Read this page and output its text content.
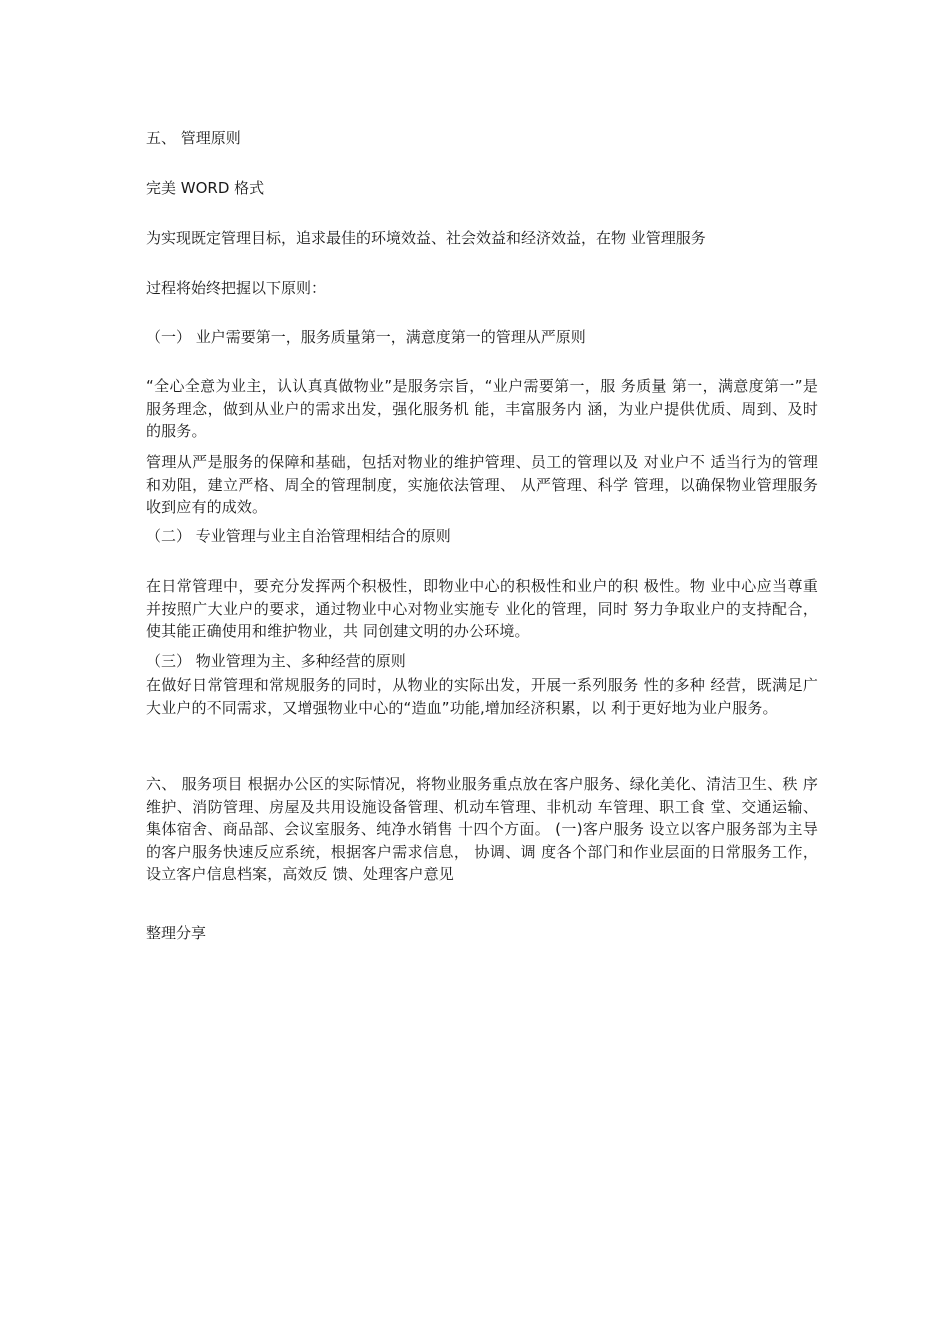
五、 管理原则

完美 WORD 格式

为实现既定管理目标，追求最佳的环境效益、社会效益和经济效益，在物 业管理服务

过程将始终把握以下原则：

（一） 业户需要第一，服务质量第一，满意度第一的管理从严原则

“全心全意为业主，认认真真做物业”是服务宗旨，“业户需要第一，服 务质量 第一，满意度第一”是服务理念，做到从业户的需求出发，强化服务机 能，丰富服务内 涵，为业户提供优质、周到、及时的服务。

管理从严是服务的保障和基础，包括对物业的维护管理、员工的管理以及 对业户不 适当行为的管理和劝阻，建立严格、周全的管理制度，实施依法管理、 从严管理、科学 管理，以确保物业管理服务收到应有的成效。

（二） 专业管理与业主自治管理相结合的原则

在日常管理中，要充分发挥两个积极性，即物业中心的积极性和业户的积 极性。物 业中心应当尊重并按照广大业户的要求，通过物业中心对物业实施专 业化的管理，同时 努力争取业户的支持配合，使其能正确使用和维护物业，共 同创建文明的办公环境。

（三） 物业管理为主、多种经营的原则

在做好日常管理和常规服务的同时，从物业的实际出发，开展一系列服务 性的多种 经营，既满足广大业户的不同需求，又增强物业中心的“造血”功能,增加经济积累，以 利于更好地为业户服务。

六、 服务项目 根据办公区的实际情况，将物业服务重点放在客户服务、绿化美化、清洁卫生、秩 序维护、消防管理、房屋及共用设施设备管理、机动车管理、非机动 车管理、职工食 堂、交通运输、集体宿舍、商品部、会议室服务、纯净水销售 十四个方面。 (一)客户服务 设立以客户服务部为主导的客户服务快速反应系统，根据客户需求信息， 协调、调 度各个部门和作业层面的日常服务工作，设立客户信息档案，高效反 馈、处理客户意见

整理分享
